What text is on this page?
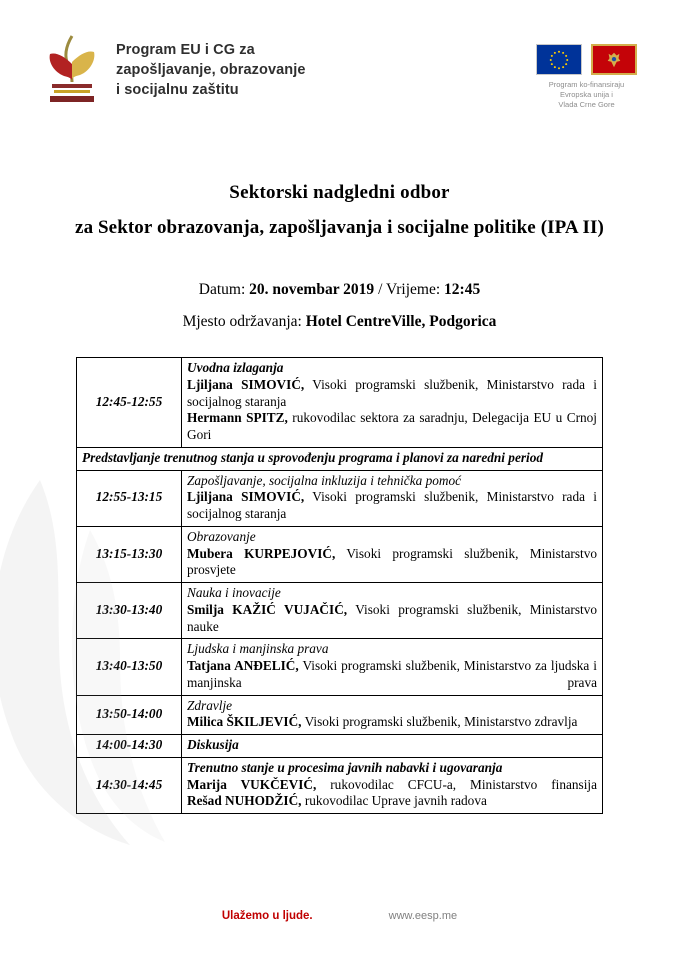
Program EU i CG za
zapošljavanje, obrazovanje
i socijalnu zaštitu	Program ko-finansiraju
Evropska unija i
Vlada Crne Gore
Sektorski nadgledni odbor
za Sektor obrazovanja, zapošljavanja i socijalne politike (IPA II)
Datum: 20. novembar 2019 / Vrijeme: 12:45
Mjesto održavanja: Hotel CentreVille, Podgorica
12:45-12:55	Uvodna izlaganja
Ljiljana SIMOVIĆ, Visoki programski službenik, Ministarstvo rada i socijalnog staranja
Hermann SPITZ, rukovodilac sektora za saradnju, Delegacija EU u Crnoj Gori

Predstavljanje trenutnog stanja u sprovođenju programa i planovi za naredni period	
12:55-13:15	Zapošljavanje, socijalna inkluzija i tehnička pomoć
Ljiljana SIMOVIĆ, Visoki programski službenik, Ministarstvo rada i socijalnog staranja

13:15-13:30	Obrazovanje
Mubera KURPEJOVIĆ, Visoki programski službenik, Ministarstvo prosvjete

13:30-13:40	Nauka i inovacije
Smilja KAŽIĆ VUJAČIĆ, Visoki programski službenik, Ministarstvo nauke

13:40-13:50	Ljudska i manjinska prava
Tatjana ANĐELIĆ, Visoki programski službenik, Ministarstvo za ljudska i manjinska prava

13:50-14:00	Zdravlje
Milica ŠKILJEVIĆ, Visoki programski službenik, Ministarstvo zdravlja

14:00-14:30	Diskusija
14:30-14:45	Trenutno stanje u procesima javnih nabavki i ugovaranja
Marija VUKČEVIĆ, rukovodilac CFCU-a, Ministarstvo finansija
Rešad NUHODŽIĆ, rukovodilac Uprave javnih radova
Ulažemo u ljude.	www.eesp.me
